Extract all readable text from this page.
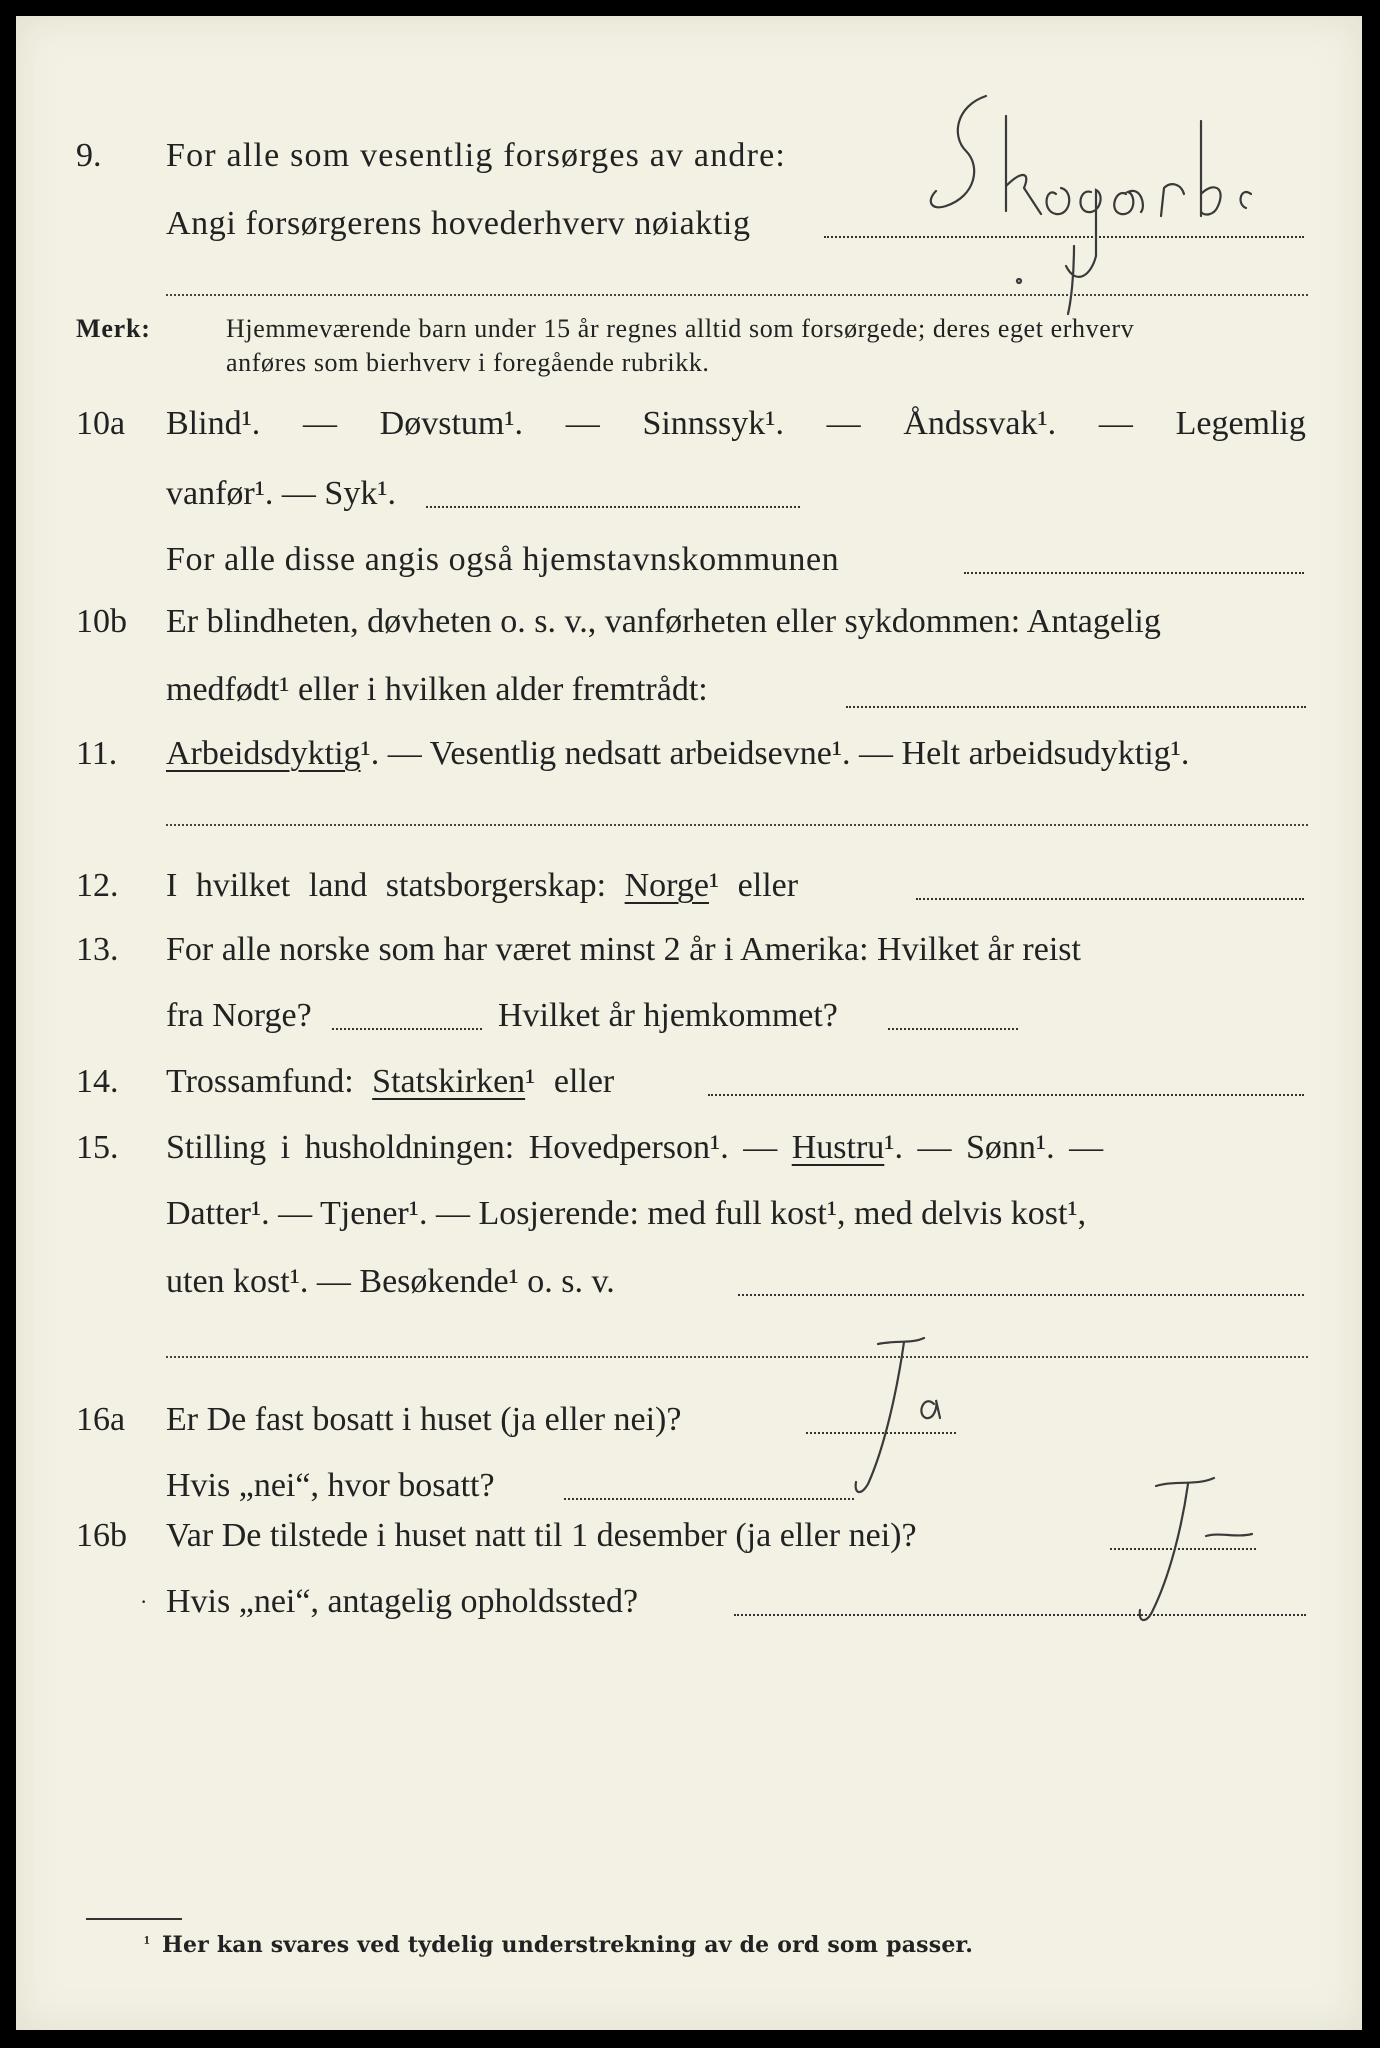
9. For alle som vesentlig forsørges av andre:
Angi forsørgerens hovederhverv nøiaktig
Merk:	Hjemmeværende barn under 15 år regnes alltid som forsørgede; deres eget erhverv
anføres som bierhverv i foregående rubrikk.
10a Blind¹. — Døvstum¹. — Sinnssyk¹. — Åndssvak¹. — Legemlig
vanfør¹. — Syk¹.
For alle disse angis også hjemstavnskommunen
10b Er blindheten, døvheten o. s. v., vanførheten eller sykdommen: Antagelig
medfødt¹ eller i hvilken alder fremtrådt:
11. Arbeidsdyktig¹. — Vesentlig nedsatt arbeidsevne¹. — Helt arbeidsudyktig¹.
12. I hvilket land statsborgerskap: Norge¹ eller
13. For alle norske som har været minst 2 år i Amerika: Hvilket år reist
fra Norge?	Hvilket år hjemkommet?
14. Trossamfund: Statskirken¹ eller
15. Stilling i husholdningen: Hovedperson¹. — Hustru¹. — Sønn¹. —
Datter¹. — Tjener¹. — Losjerende: med full kost¹, med delvis kost¹,
uten kost¹. — Besøkende¹ o. s. v.
16a Er De fast bosatt i huset (ja eller nei)?
Hvis „nei“, hvor bosatt?
16b Var De tilstede i huset natt til 1 desember (ja eller nei)?
· Hvis „nei“, antagelig opholdssted?
¹ Her kan svares ved tydelig understrekning av de ord som passer.
